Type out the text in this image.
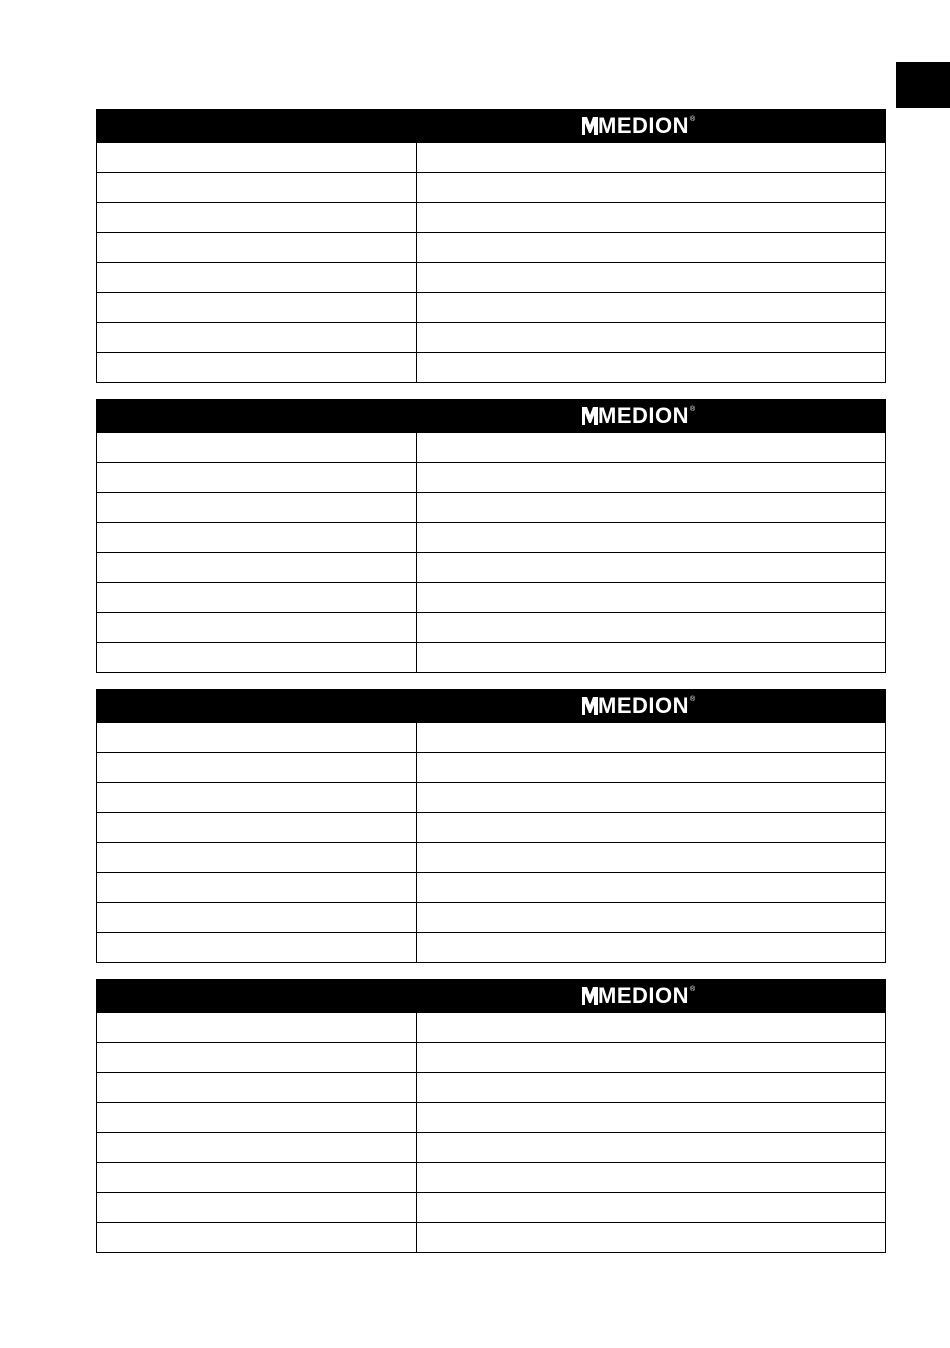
MEDION ®
MEDION ®
MEDION ®
MEDION ®
